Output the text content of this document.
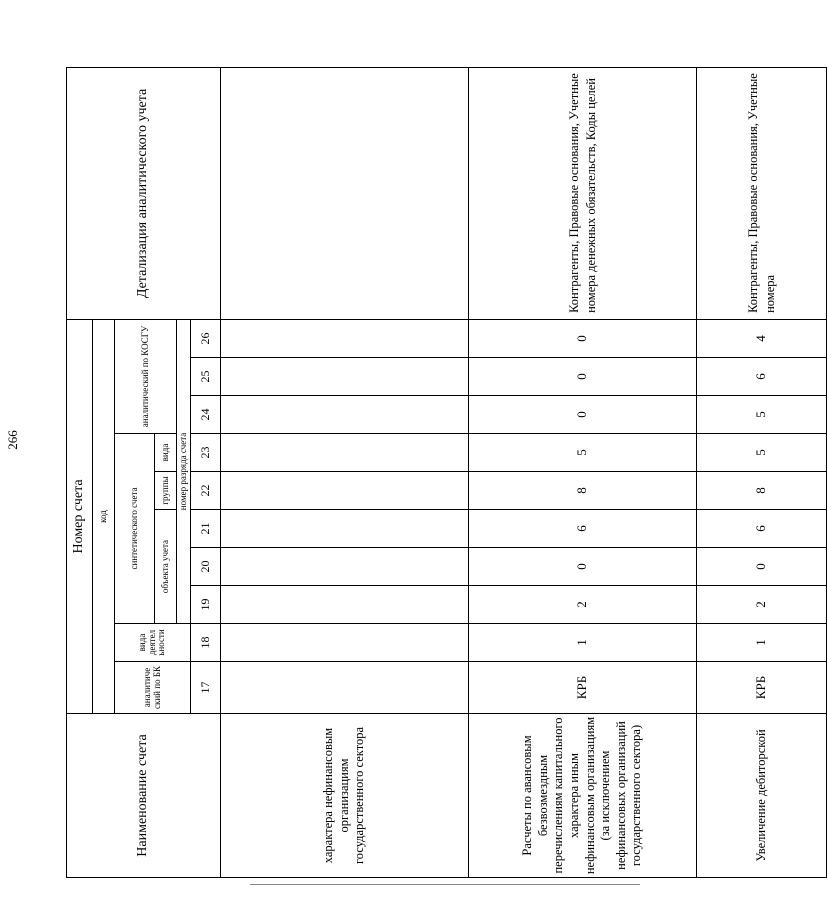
266
Наименование счета	Номер счета										Детализация аналитического учета
	код										
	аналитиче ский по БК	вида деятел ьности	синтетического счета					аналитический по КОСГУ			
			объекта учета			группы	вида				
			номер разряда счета								
	17	18	19	20	21	22	23	24	25	26	
характера нефинансовым организациям государственного сектора											
Расчеты по авансовым безвозмездным перечислениям капитального характера иным нефинансовым организациям (за исключением нефинансовых организаций государственного сектора)	КРБ	1	2	0	6	8	5	0	0	0	Контрагенты, Правовые основания, Учетные номера денежных обязательств, Коды целей
Увеличение дебиторской	КРБ	1	2	0	6	8	5	5	6	4	Контрагенты, Правовые основания, Учетные номера
